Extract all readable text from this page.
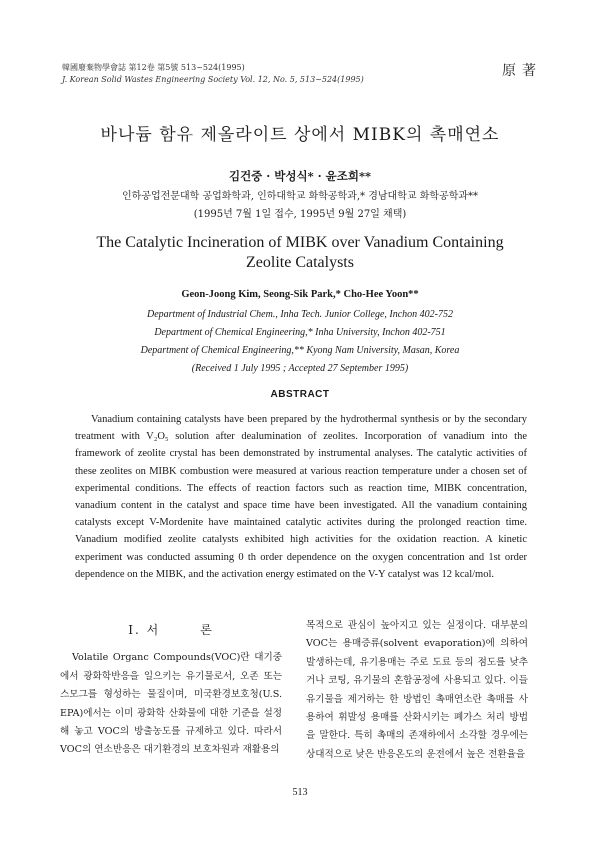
韓國廢棄物學會誌 第12卷 第5號 513~524(1995)
J. Korean Solid Wastes Engineering Society Vol. 12, No. 5, 513~524(1995)
原著
바나듐 함유 제올라이트 상에서 MIBK의 촉매연소
김건중 · 박성식* · 윤조희**
인하공업전문대학 공업화학과, 인하대학교 화학공학과,* 경남대학교 화학공학과**
(1995년 7월 1일 접수, 1995년 9월 27일 채택)
The Catalytic Incineration of MIBK over Vanadium Containing
Zeolite Catalysts
Geon-Joong Kim, Seong-Sik Park,* Cho-Hee Yoon**
Department of Industrial Chem., Inha Tech. Junior College, Inchon 402-752
Department of Chemical Engineering,* Inha University, Inchon 402-751
Department of Chemical Engineering,** Kyong Nam University, Masan, Korea
(Received 1 July 1995 ; Accepted 27 September 1995)
ABSTRACT

Vanadium containing catalysts have been prepared by the hydrothermal synthesis or by the secondary treatment with V₂O₅ solution after dealumination of zeolites. Incorporation of vanadium into the framework of zeolite crystal has been demonstrated by instrumental analyses. The catalytic activities of these zeolites on MIBK combustion were measured at various reaction temperature under a chosen set of experimental conditions. The effects of reaction factors such as reaction time, MIBK concentration, vanadium content in the catalyst and space time have been investigated. All the vanadium containing catalysts except V-Mordenite have maintained catalytic activites during the prolonged reaction time. Vanadium modified zeolite catalysts exhibited high activities for the oxidation reaction. A kinetic experiment was conducted assuming 0 th order dependence on the oxygen concentration and 1st order dependence on the MIBK, and the activation energy estimated on the V-Y catalyst was 12 kcal/mol.

I. 서	론

Volatile Organc Compounds(VOC)란 대기중에서 광화학반응을 일으키는 유기물로서, 오존 또는 스모그를 형성하는 물질이며, 미국환경보호청(U.S. EPA)에서는 이미 광화학 산화물에 대한 기준을 설정해 놓고 VOC의 방출농도를 규제하고 있다. 따라서 VOC의 연소반응은 대기환경의 보호차원과 재활용의

목적으로 관심이 높아지고 있는 실정이다. 대부분의 VOC는 용매증류(solvent evaporation)에 의하여 발생하는데, 유기용매는 주로 도료 등의 점도를 낮추거나 코팅, 유기물의 혼합공정에 사용되고 있다. 이들 유기물을 제거하는 한 방법인 촉매연소란 촉매를 사용하여 휘발성 용매를 산화시키는 폐가스 처리 방법을 말한다. 특히 촉매의 존재하에서 소각할 경우에는 상대적으로 낮은 반응온도의 운전에서 높은 전환율을

513
